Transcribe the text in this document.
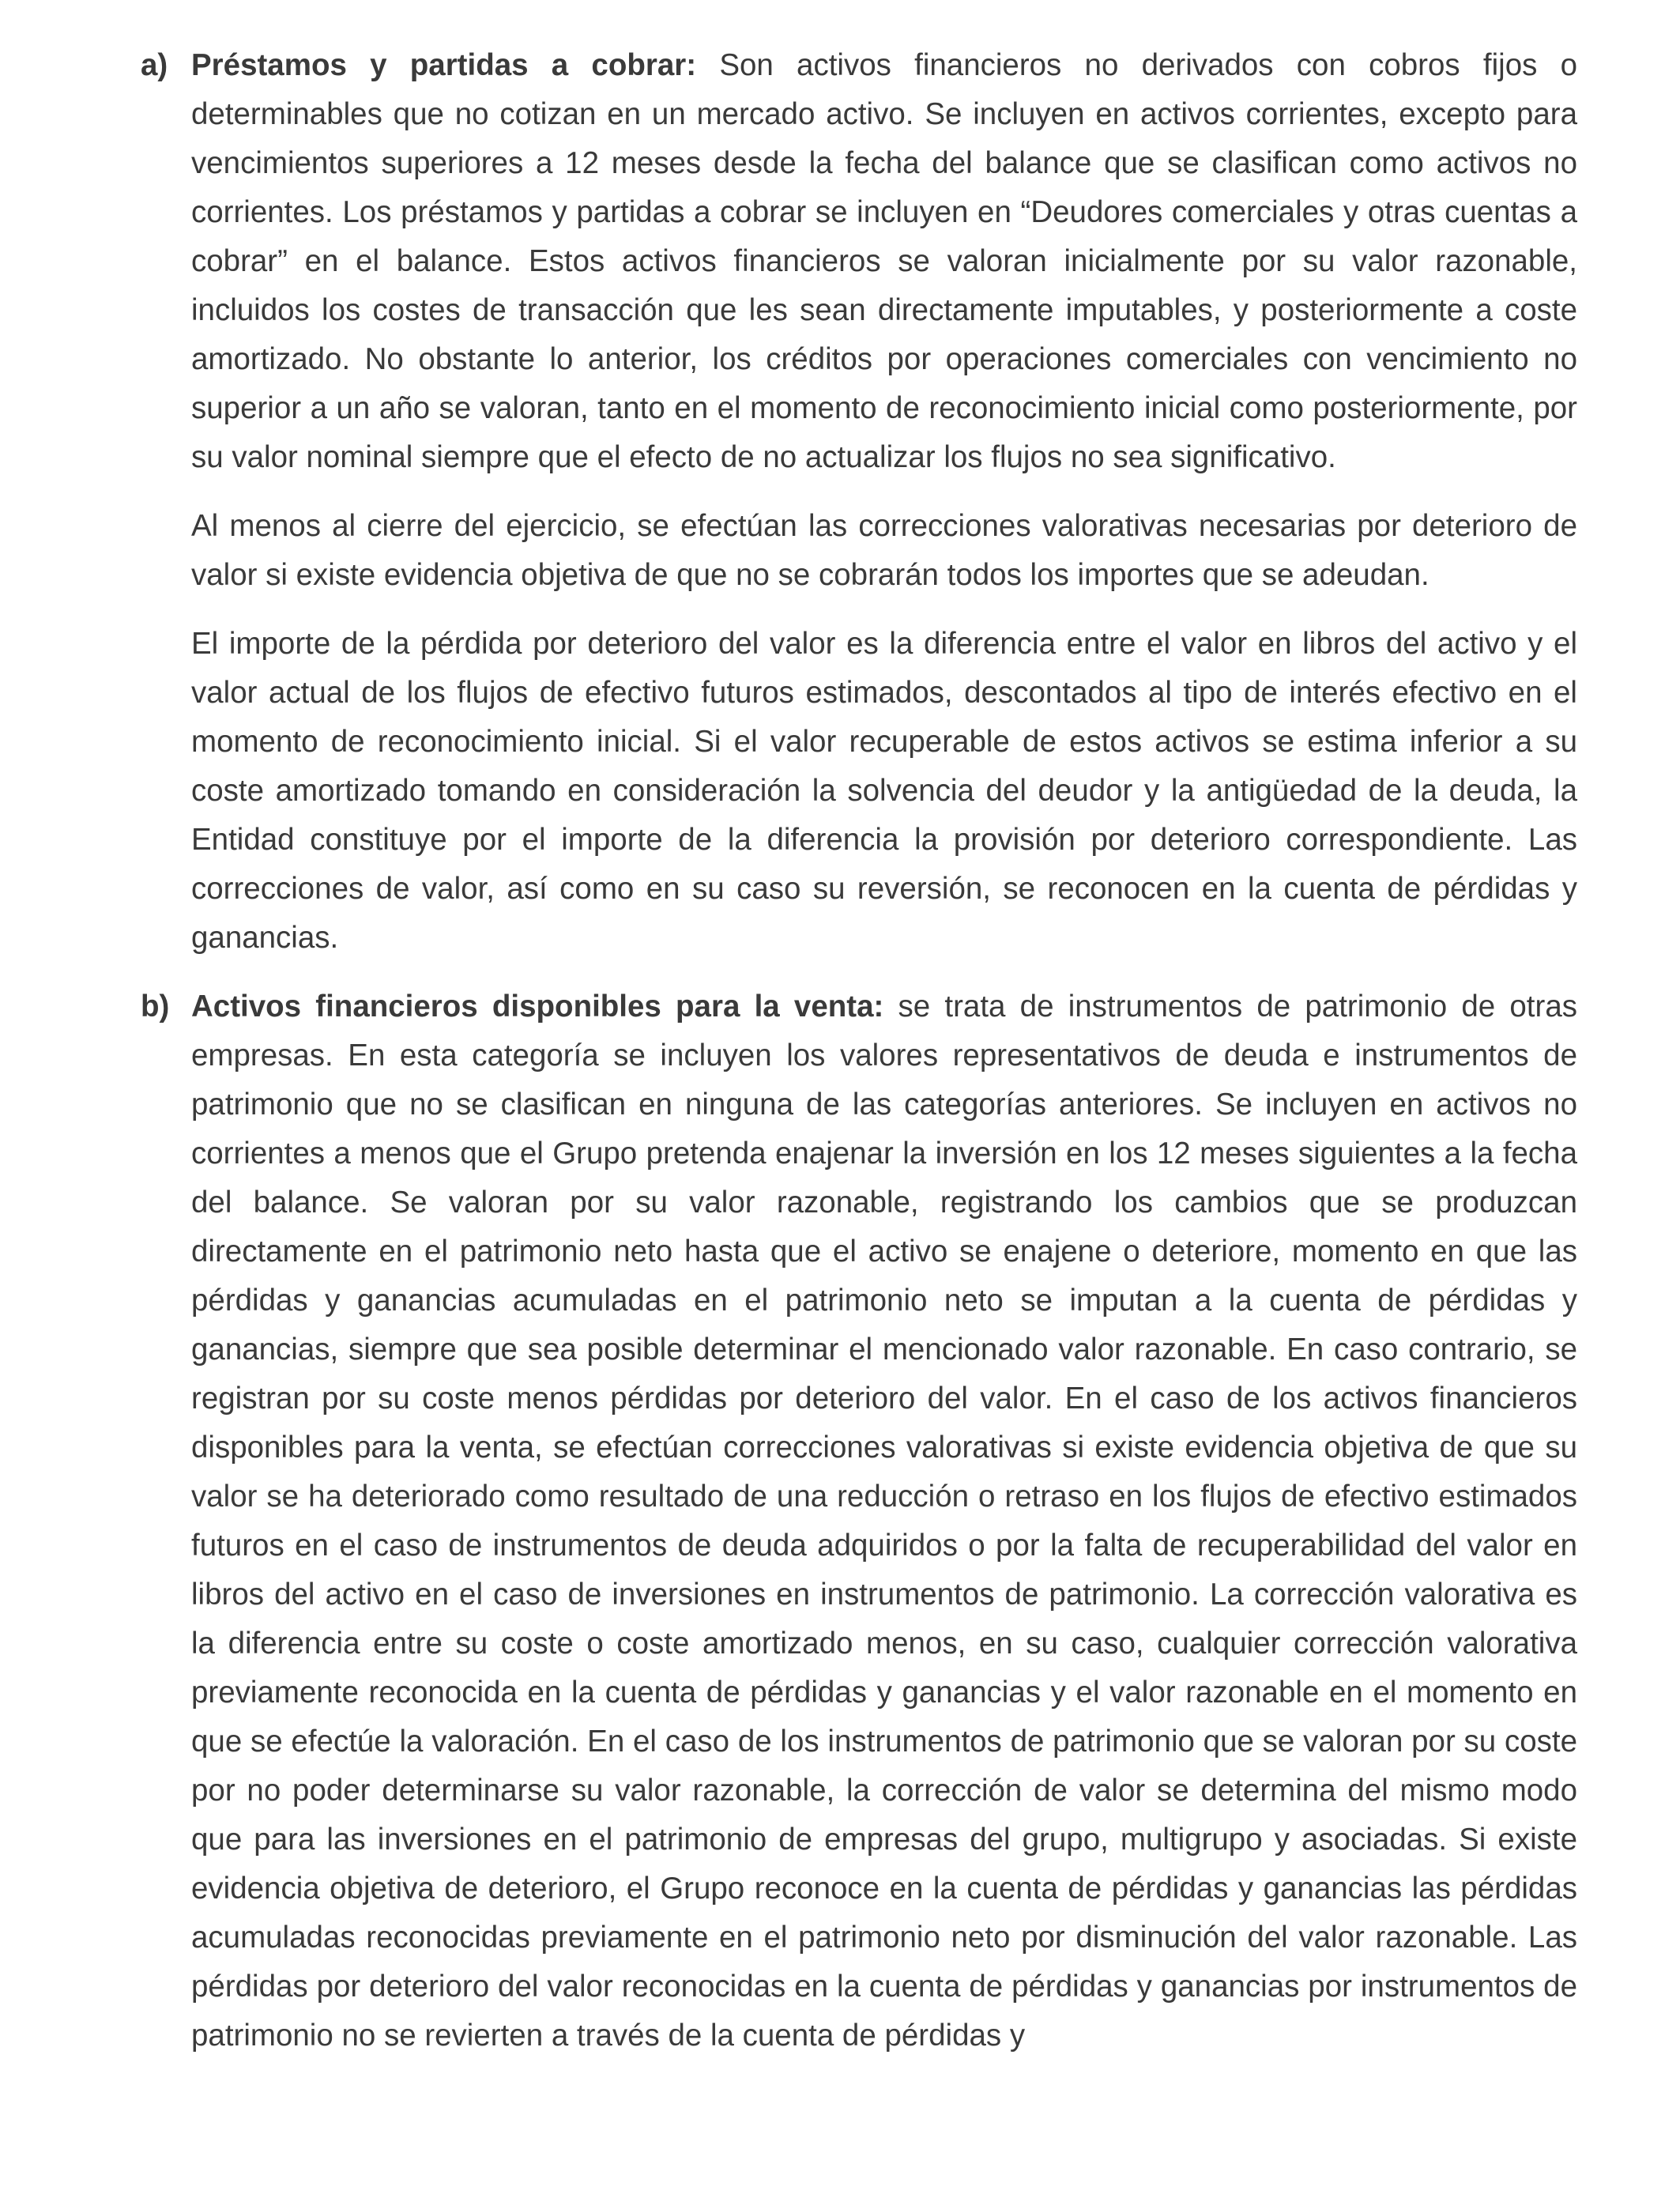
a) Préstamos y partidas a cobrar: Son activos financieros no derivados con cobros fijos o determinables que no cotizan en un mercado activo. Se incluyen en activos corrientes, excepto para vencimientos superiores a 12 meses desde la fecha del balance que se clasifican como activos no corrientes. Los préstamos y partidas a cobrar se incluyen en “Deudores comerciales y otras cuentas a cobrar” en el balance. Estos activos financieros se valoran inicialmente por su valor razonable, incluidos los costes de transacción que les sean directamente imputables, y posteriormente a coste amortizado. No obstante lo anterior, los créditos por operaciones comerciales con vencimiento no superior a un año se valoran, tanto en el momento de reconocimiento inicial como posteriormente, por su valor nominal siempre que el efecto de no actualizar los flujos no sea significativo.

Al menos al cierre del ejercicio, se efectúan las correcciones valorativas necesarias por deterioro de valor si existe evidencia objetiva de que no se cobrarán todos los importes que se adeudan.

El importe de la pérdida por deterioro del valor es la diferencia entre el valor en libros del activo y el valor actual de los flujos de efectivo futuros estimados, descontados al tipo de interés efectivo en el momento de reconocimiento inicial. Si el valor recuperable de estos activos se estima inferior a su coste amortizado tomando en consideración la solvencia del deudor y la antigüedad de la deuda, la Entidad constituye por el importe de la diferencia la provisión por deterioro correspondiente. Las correcciones de valor, así como en su caso su reversión, se reconocen en la cuenta de pérdidas y ganancias.

b) Activos financieros disponibles para la venta: se trata de instrumentos de patrimonio de otras empresas. En esta categoría se incluyen los valores representativos de deuda e instrumentos de patrimonio que no se clasifican en ninguna de las categorías anteriores. Se incluyen en activos no corrientes a menos que el Grupo pretenda enajenar la inversión en los 12 meses siguientes a la fecha del balance. Se valoran por su valor razonable, registrando los cambios que se produzcan directamente en el patrimonio neto hasta que el activo se enajene o deteriore, momento en que las pérdidas y ganancias acumuladas en el patrimonio neto se imputan a la cuenta de pérdidas y ganancias, siempre que sea posible determinar el mencionado valor razonable. En caso contrario, se registran por su coste menos pérdidas por deterioro del valor. En el caso de los activos financieros disponibles para la venta, se efectúan correcciones valorativas si existe evidencia objetiva de que su valor se ha deteriorado como resultado de una reducción o retraso en los flujos de efectivo estimados futuros en el caso de instrumentos de deuda adquiridos o por la falta de recuperabilidad del valor en libros del activo en el caso de inversiones en instrumentos de patrimonio. La corrección valorativa es la diferencia entre su coste o coste amortizado menos, en su caso, cualquier corrección valorativa previamente reconocida en la cuenta de pérdidas y ganancias y el valor razonable en el momento en que se efectúe la valoración. En el caso de los instrumentos de patrimonio que se valoran por su coste por no poder determinarse su valor razonable, la corrección de valor se determina del mismo modo que para las inversiones en el patrimonio de empresas del grupo, multigrupo y asociadas. Si existe evidencia objetiva de deterioro, el Grupo reconoce en la cuenta de pérdidas y ganancias las pérdidas acumuladas reconocidas previamente en el patrimonio neto por disminución del valor razonable. Las pérdidas por deterioro del valor reconocidas en la cuenta de pérdidas y ganancias por instrumentos de patrimonio no se revierten a través de la cuenta de pérdidas y
